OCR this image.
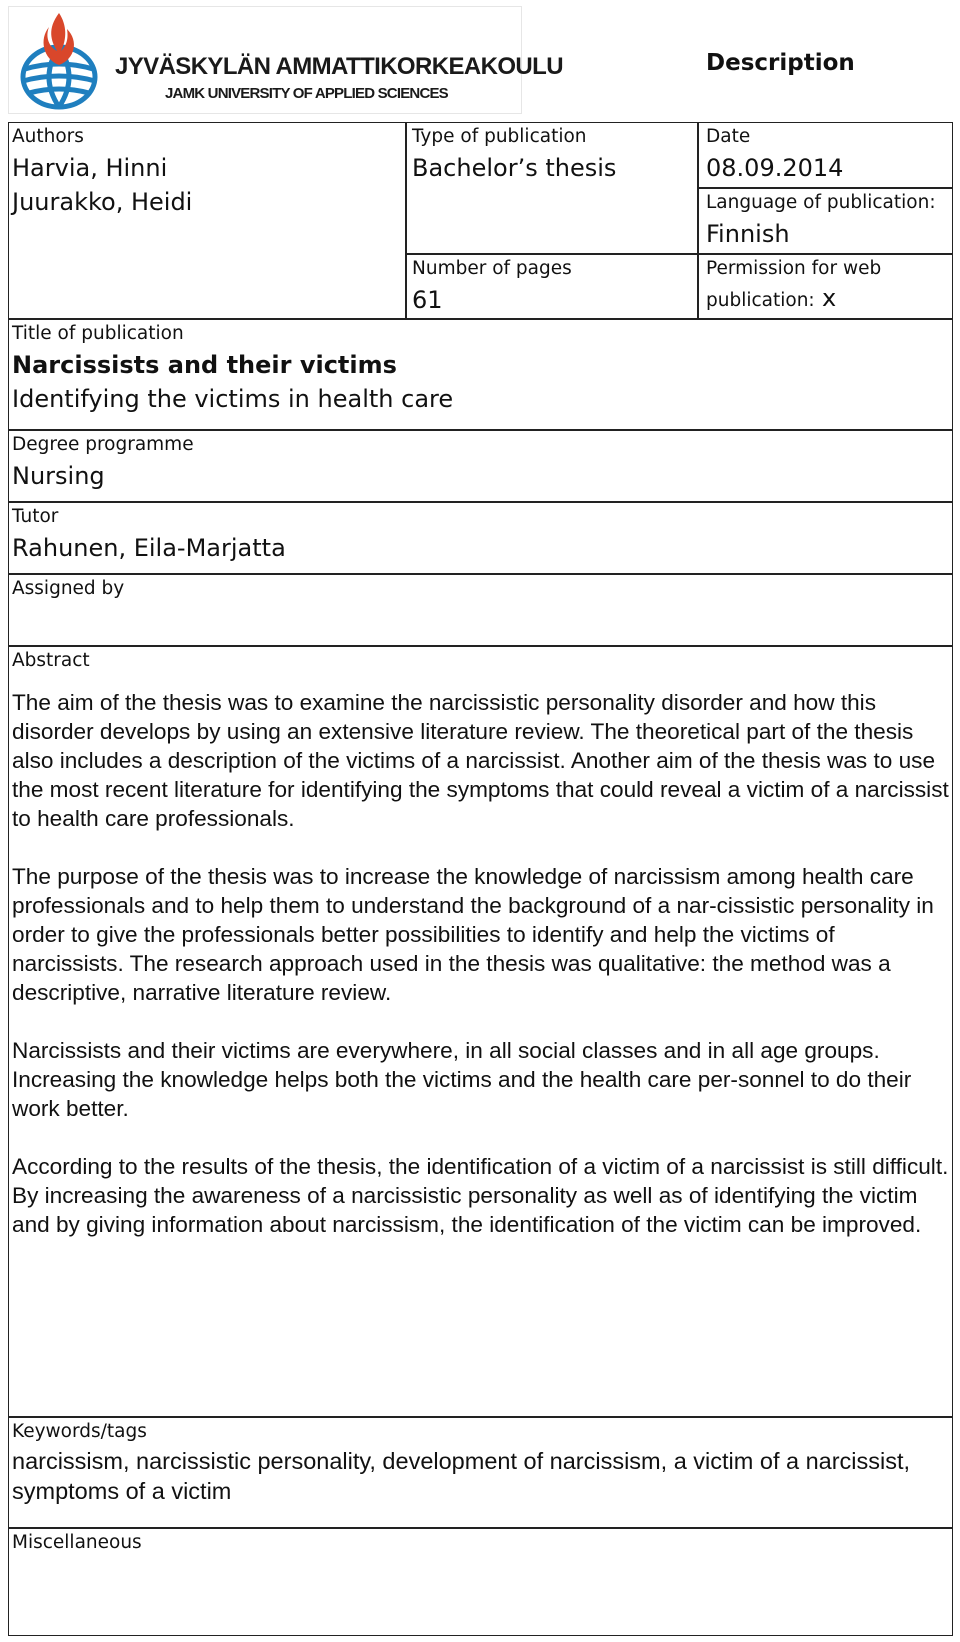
JYVÄSKYLÄN AMMATTIKORKEAKOULU
JAMK UNIVERSITY OF APPLIED SCIENCES
Description
Authors
Harvia, Hinni
Juurakko, Heidi
Type of publication
Bachelor’s thesis
Date
08.09.2014
Language of publication:
Finnish
Number of pages
61
Permission for web
publication: x
Title of publication
Narcissists and their victims
Identifying the victims in health care
Degree programme
Nursing
Tutor
Rahunen, Eila-Marjatta
Assigned by
Abstract

The aim of the thesis was to examine the narcissistic personality disorder and how this disorder develops by using an extensive literature review. The theoretical part of the thesis also includes a description of the victims of a narcissist. Another aim of the thesis was to use the most recent literature for identifying the symptoms that could reveal a victim of a narcissist to health care professionals.

The purpose of the thesis was to increase the knowledge of narcissism among health care professionals and to help them to understand the background of a nar-cissistic personality in order to give the professionals better possibilities to identify and help the victims of narcissists. The research approach used in the thesis was qualitative: the method was a descriptive, narrative literature review.

Narcissists and their victims are everywhere, in all social classes and in all age groups. Increasing the knowledge helps both the victims and the health care per-sonnel to do their work better.

According to the results of the thesis, the identification of a victim of a narcissist is still difficult. By increasing the awareness of a narcissistic personality as well as of identifying the victim and by giving information about narcissism, the identification of the victim can be improved.

Keywords/tags
narcissism, narcissistic personality, development of narcissism, a victim of a narcissist, symptoms of a victim
Miscellaneous
